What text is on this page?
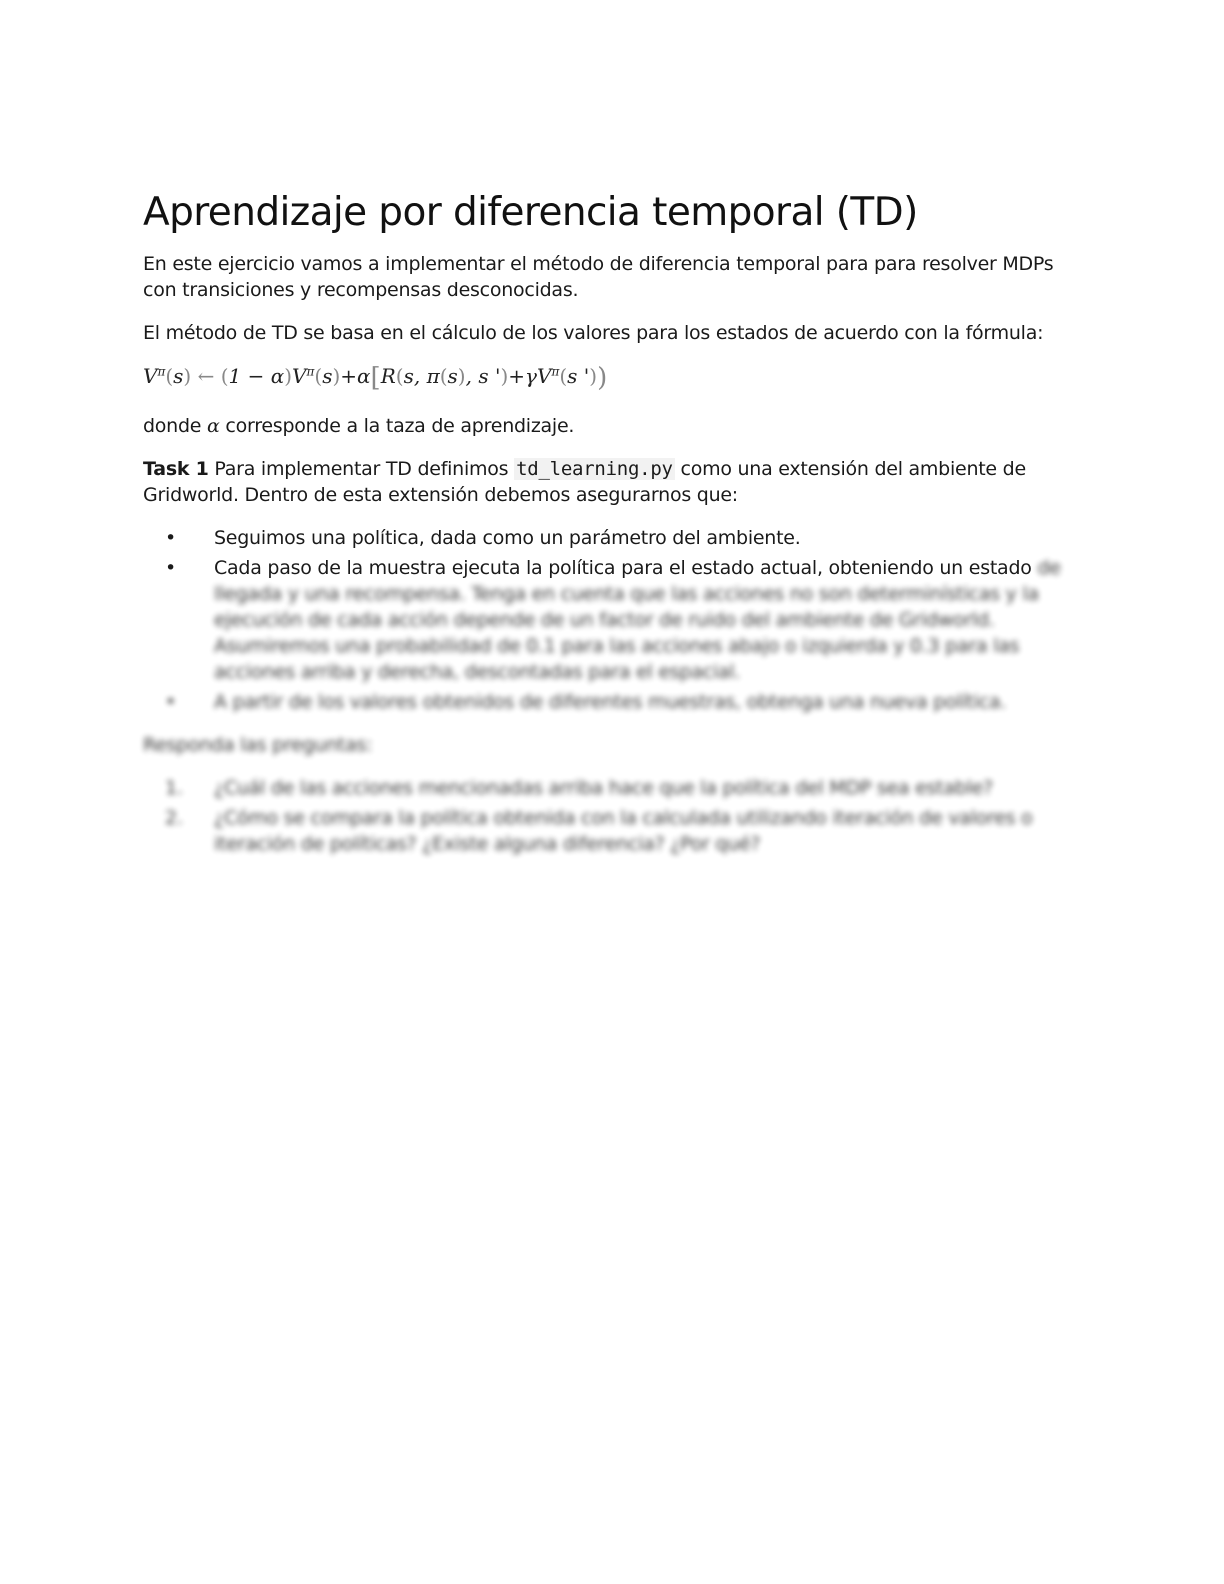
Aprendizaje por diferencia temporal (TD)

En este ejercicio vamos a implementar el método de diferencia temporal para para resolver MDPs con transiciones y recompensas desconocidas.

El método de TD se basa en el cálculo de los valores para los estados de acuerdo con la fórmula:

$V^\pi(s)$ ← $(1 - \alpha)V^\pi(s)+\alpha[R(s$, π(s), s ')$+\gamma V^\pi(s$ '))

donde α corresponde a la taza de aprendizaje.

Task 1 Para implementar TD definimos td_learning.py como una extensión del ambiente de Gridworld. Dentro de esta extensión debemos asegurarnos que:

•	Seguimos una política, dada como un parámetro del ambiente.
•	Cada paso de la muestra ejecuta la política para el estado actual, obteniendo un estado de llegada y una recompensa. Tenga en cuenta que las acciones no son determinísticas y la ejecución de cada acción depende de un factor de ruido del ambiente de Gridworld. Asumiremos una probabilidad de 0.1 para las acciones abajo o izquierda y 0.3 para las acciones arriba y derecha, descontadas para el espacial.
•	A partir de los valores obtenidos de diferentes muestras, obtenga una nueva política.

Responda las preguntas:

1.	¿Cuál de las acciones mencionadas arriba hace que la política del MDP sea estable?
2.	¿Cómo se compara la política obtenida con la calculada utilizando iteración de valores o iteración de políticas? ¿Existe alguna diferencia? ¿Por qué?
